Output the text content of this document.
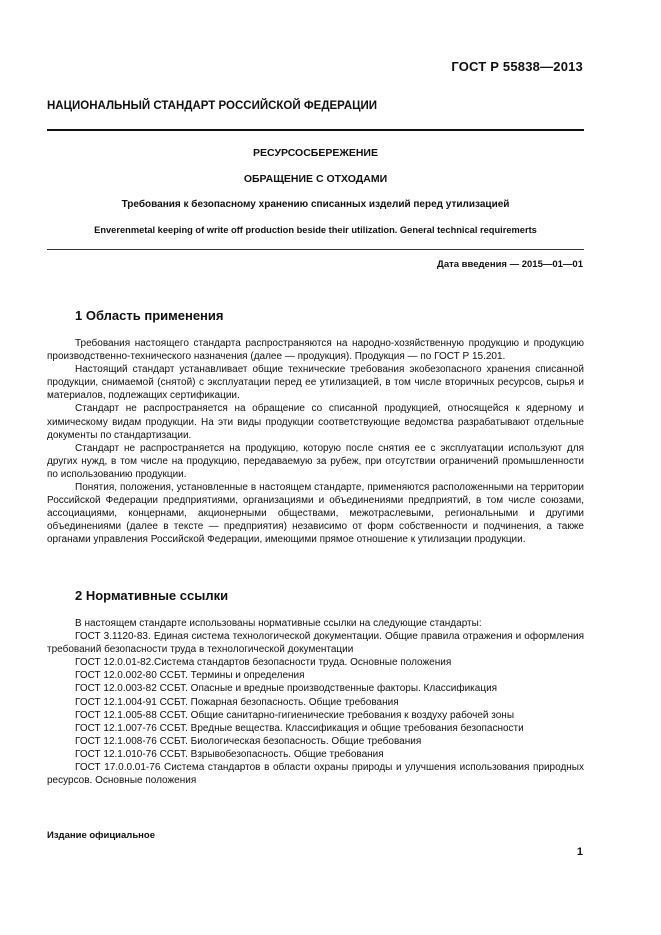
ГОСТ Р 55838—2013
НАЦИОНАЛЬНЫЙ СТАНДАРТ РОССИЙСКОЙ ФЕДЕРАЦИИ
РЕСУРСОСБЕРЕЖЕНИЕ
ОБРАЩЕНИЕ С ОТХОДАМИ
Требования к безопасному хранению списанных изделий перед утилизацией
Enverenmetal keeping of write off production beside their utilization. General technical requiremerts
Дата введения — 2015—01—01
1 Область применения

Требования настоящего стандарта распространяются на народно-хозяйственную продукцию и продукцию производственно-технического назначения (далее — продукция). Продукция — по ГОСТ Р 15.201.

Настоящий стандарт устанавливает общие технические требования экобезопасного хранения списанной продукции, снимаемой (снятой) с эксплуатации перед ее утилизацией, в том числе вторичных ресурсов, сырья и материалов, подлежащих сертификации.

Стандарт не распространяется на обращение со списанной продукцией, относящейся к ядерному и химическому видам продукции. На эти виды продукции соответствующие ведомства разрабатывают отдельные документы по стандартизации.

Стандарт не распространяется на продукцию, которую после снятия ее с эксплуатации используют для других нужд, в том числе на продукцию, передаваемую за рубеж, при отсутствии ограничений промышленности по использованию продукции.

Понятия, положения, установленные в настоящем стандарте, применяются расположенными на территории Российской Федерации предприятиями, организациями и объединениями предприятий, в том числе союзами, ассоциациями, концернами, акционерными обществами, межотраслевыми, региональными и другими объединениями (далее в тексте — предприятия) независимо от форм собственности и подчинения, а также органами управления Российской Федерации, имеющими прямое отношение к утилизации продукции.

2 Нормативные ссылки

В настоящем стандарте использованы нормативные ссылки на следующие стандарты:

ГОСТ 3.1120-83. Единая система технологической документации. Общие правила отражения и оформления требований безопасности труда в технологической документации

ГОСТ 12.0.01-82.Система стандартов безопасности труда. Основные положения

ГОСТ 12.0.002-80 ССБТ. Термины и определения

ГОСТ 12.0.003-82 ССБТ. Опасные и вредные производственные факторы. Классификация

ГОСТ 12.1.004-91 ССБТ. Пожарная безопасность. Общие требования

ГОСТ 12.1.005-88 ССБТ. Общие санитарно-гигиенические требования к воздуху рабочей зоны

ГОСТ 12.1.007-76 ССБТ. Вредные вещества. Классификация и общие требования безопасности

ГОСТ 12.1.008-76 ССБТ. Биологическая безопасность. Общие требования

ГОСТ 12.1.010-76 ССБТ. Взрывобезопасность. Общие требования

ГОСТ 17.0.0.01-76 Система стандартов в области охраны природы и улучшения использования природных ресурсов. Основные положения

Издание официальное
1
